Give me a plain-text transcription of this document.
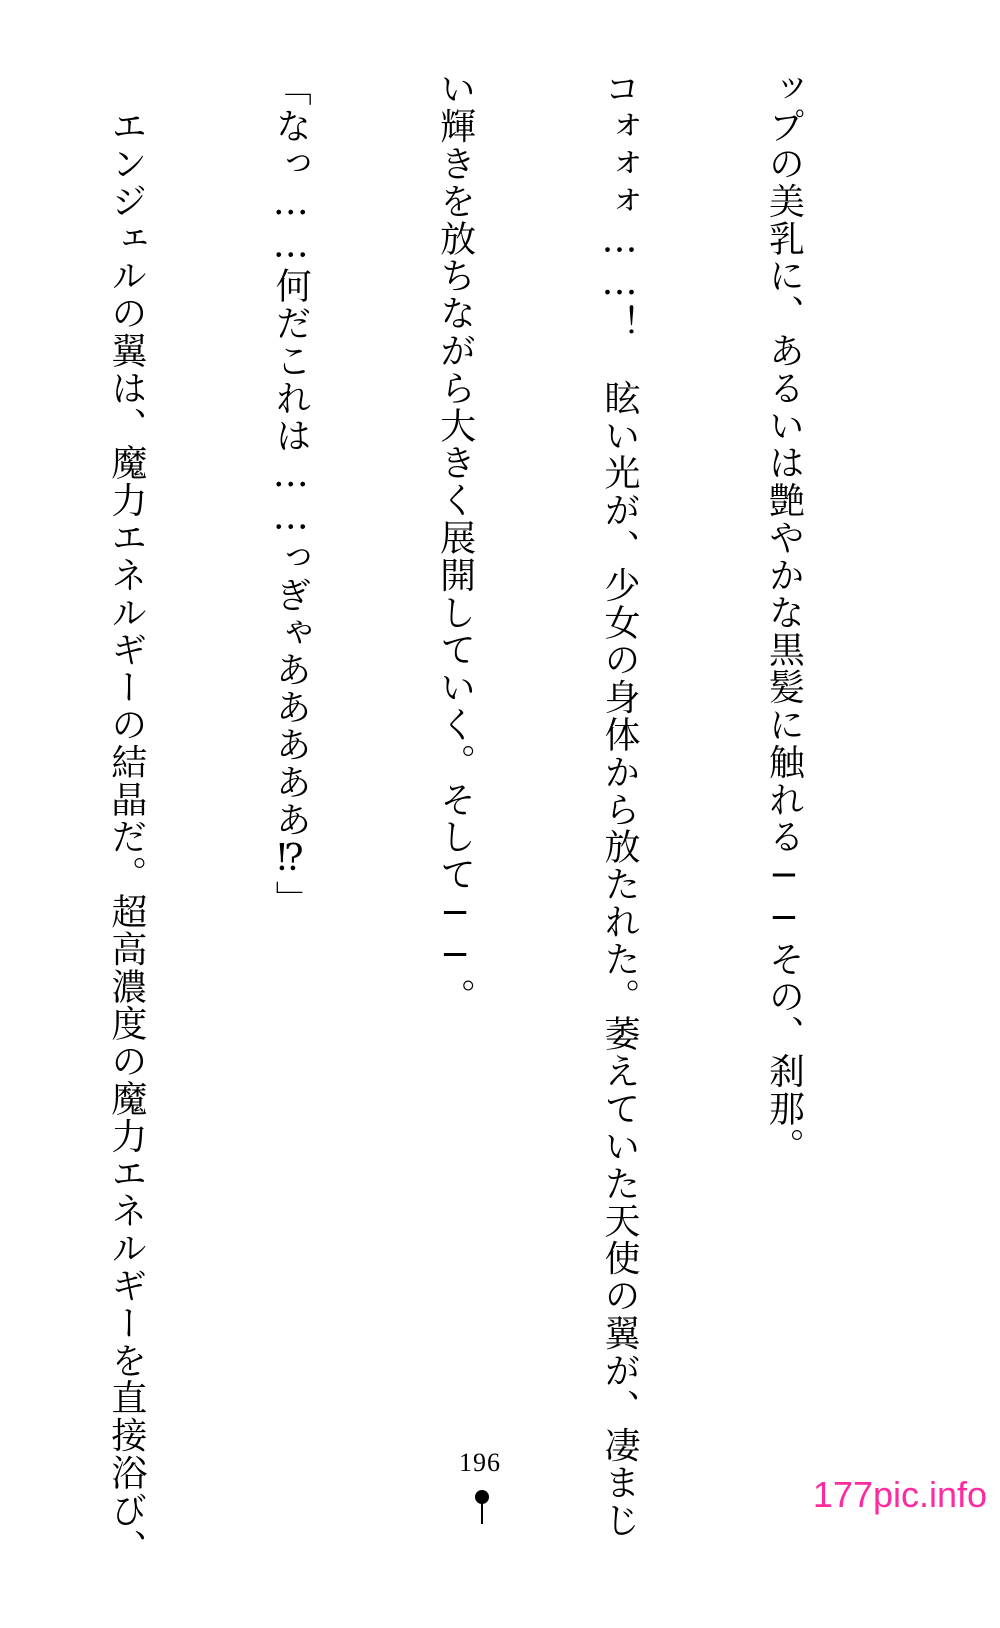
ップの美乳に、あるいは艶やかな黒髪に触れる──その、刹那。

コォォォ……！　眩い光が、少女の身体から放たれた。萎えていた天使の翼が、凄まじ

い輝きを放ちながら大きく展開していく。そして──。

「なっ……何だこれは……っぎゃあああああ⁉」

　エンジェルの翼は、魔力エネルギーの結晶だ。超高濃度の魔力エネルギーを直接浴び、

	196
177pic.info
